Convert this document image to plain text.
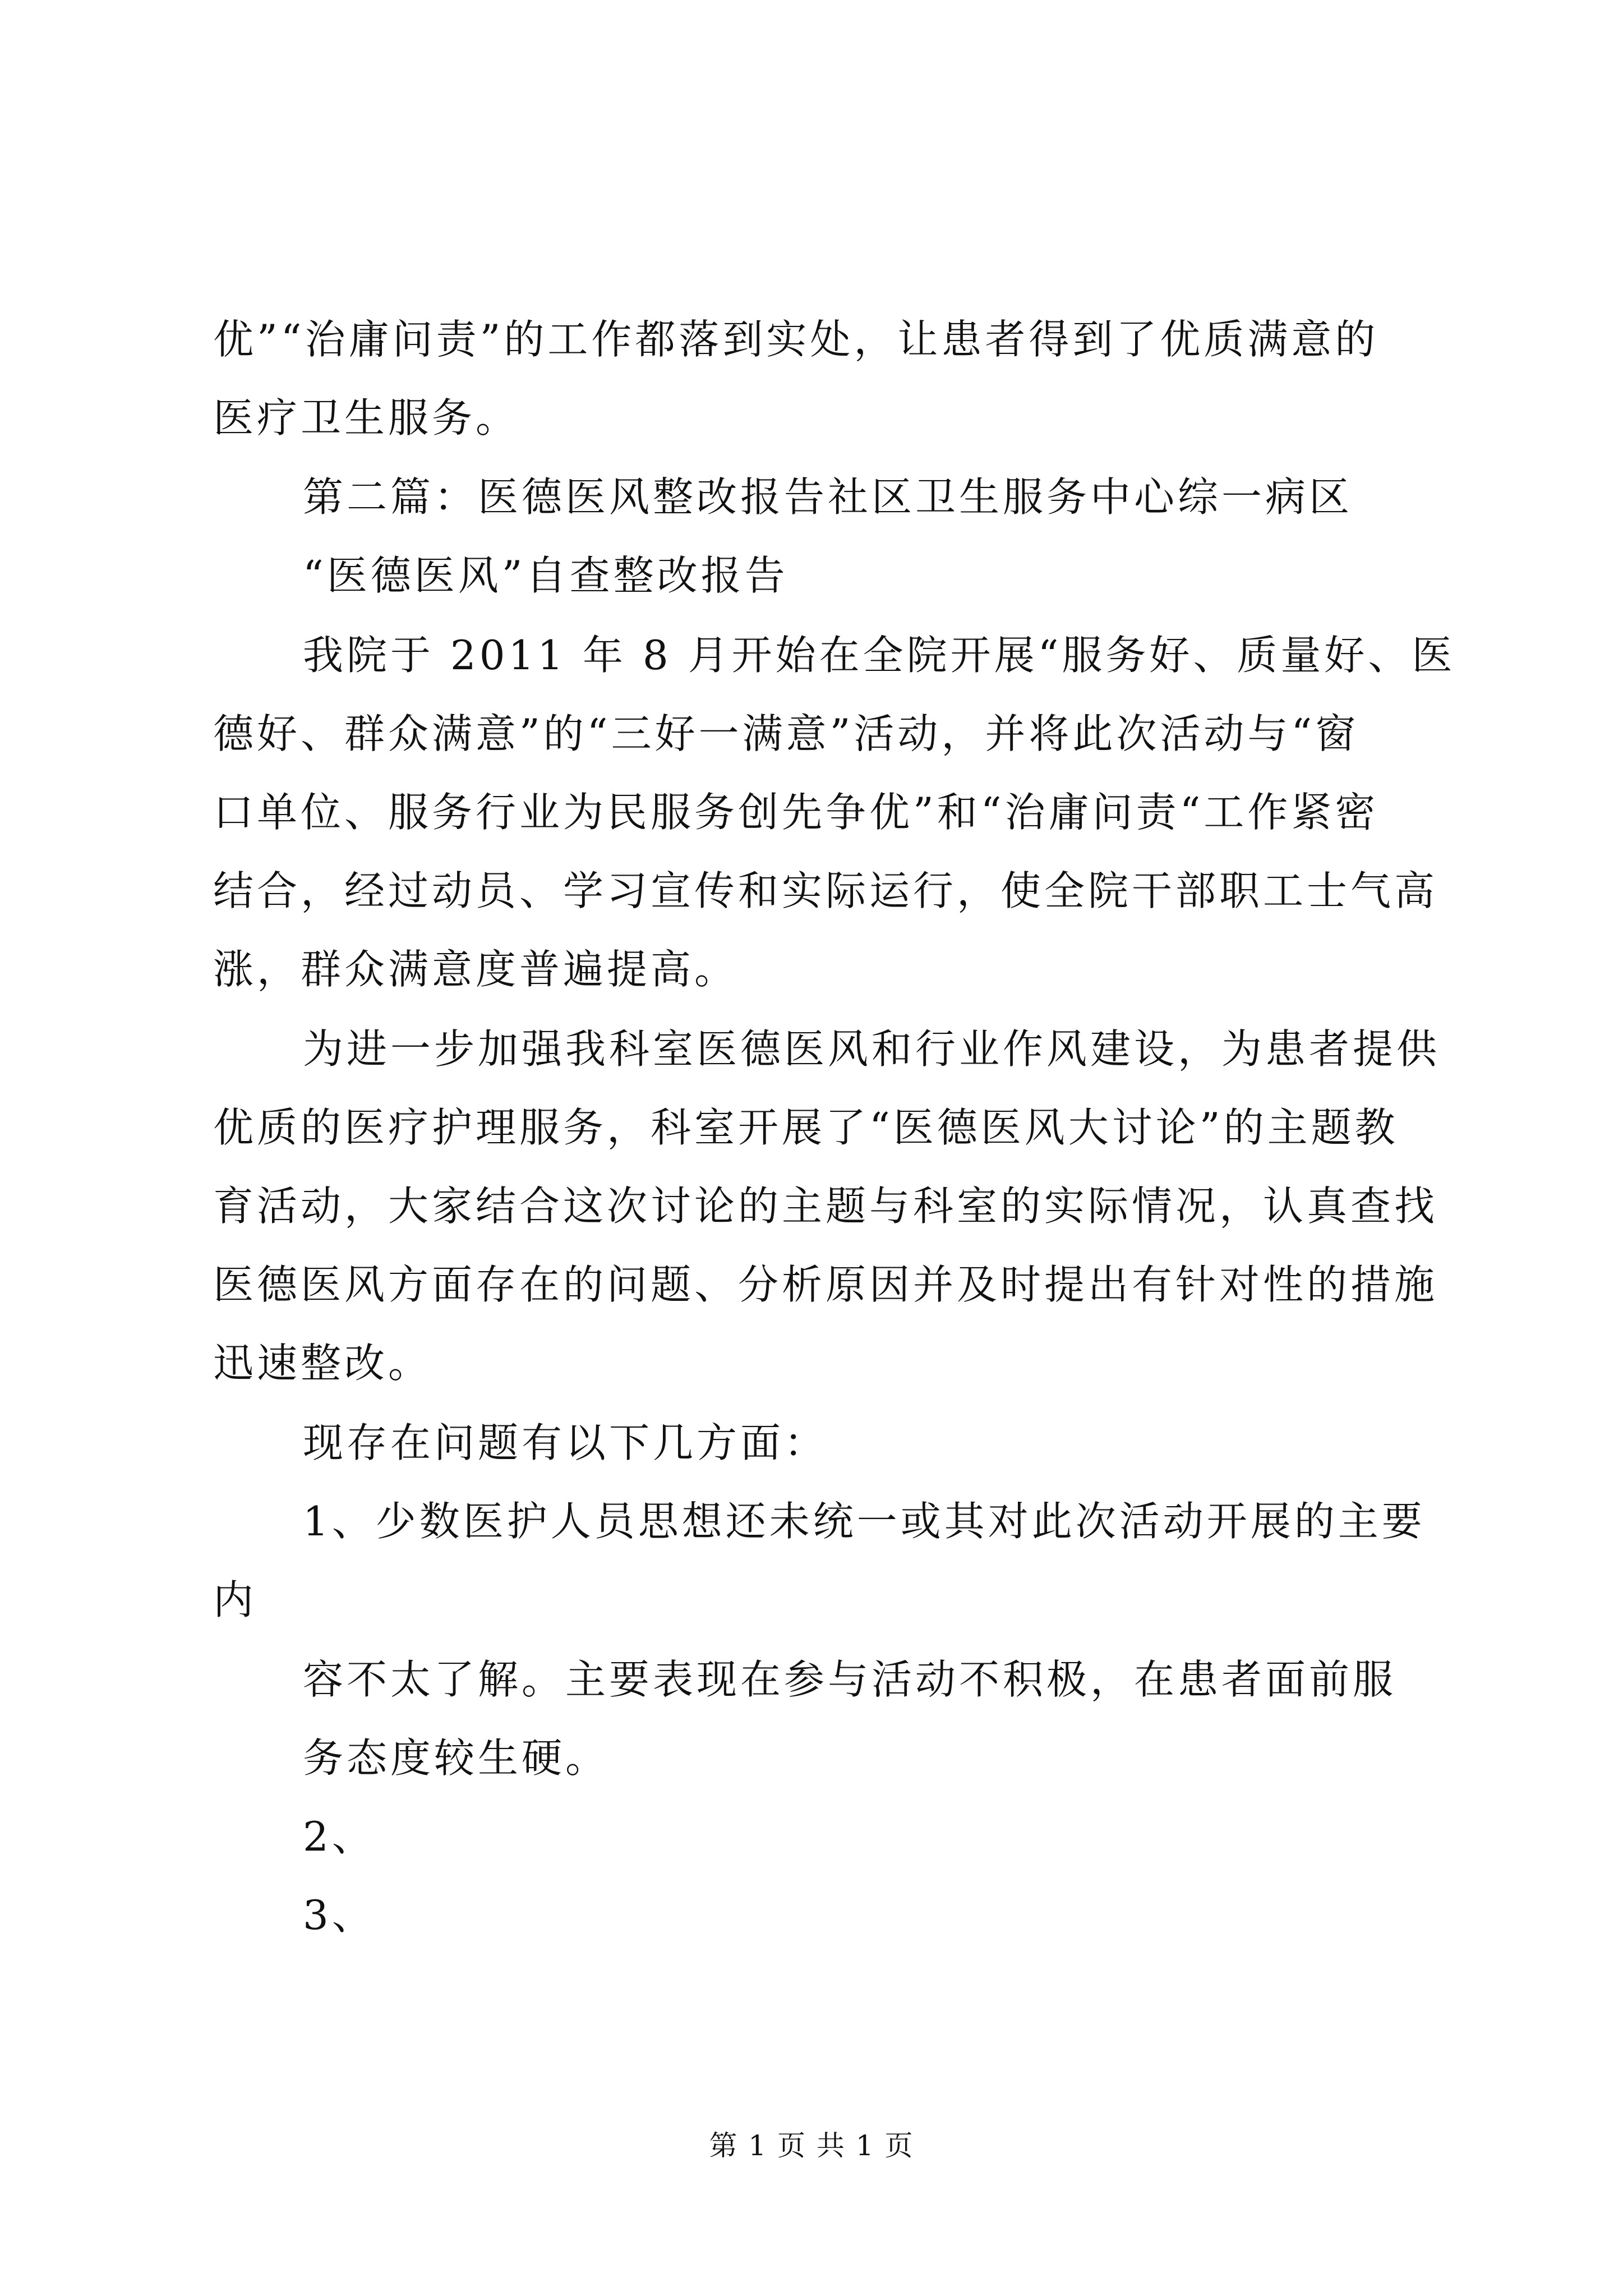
优”“治庸问责”的工作都落到实处，让患者得到了优质满意的
医疗卫生服务。
第二篇：医德医风整改报告社区卫生服务中心综一病区
“医德医风”自查整改报告
我院于 2011 年 8 月开始在全院开展“服务好、质量好、医
德好、群众满意”的“三好一满意”活动，并将此次活动与“窗
口单位、服务行业为民服务创先争优”和“治庸问责“工作紧密
结合，经过动员、学习宣传和实际运行，使全院干部职工士气高
涨，群众满意度普遍提高。
为进一步加强我科室医德医风和行业作风建设，为患者提供
优质的医疗护理服务，科室开展了“医德医风大讨论”的主题教
育活动，大家结合这次讨论的主题与科室的实际情况，认真查找
医德医风方面存在的问题、分析原因并及时提出有针对性的措施
迅速整改。
现存在问题有以下几方面：
1、少数医护人员思想还未统一或其对此次活动开展的主要
内
容不太了解。主要表现在参与活动不积极，在患者面前服
务态度较生硬。
2、
3、
第 1 页 共 1 页
